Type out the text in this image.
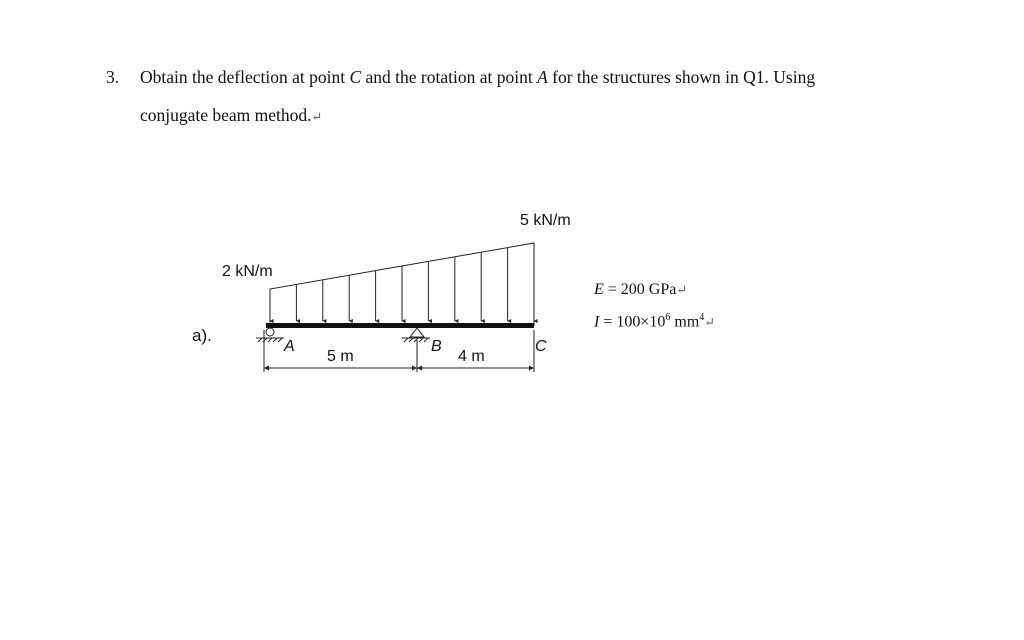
3. Obtain the deflection at point C and the rotation at point A for the structures shown in Q1. Using
conjugate beam method.↵
2 kN/m
5 kN/m
a).
A	B	C
5 m	4 m
E = 200 GPa↵
$I = 100\times 10^6$ $mm^4↵$
